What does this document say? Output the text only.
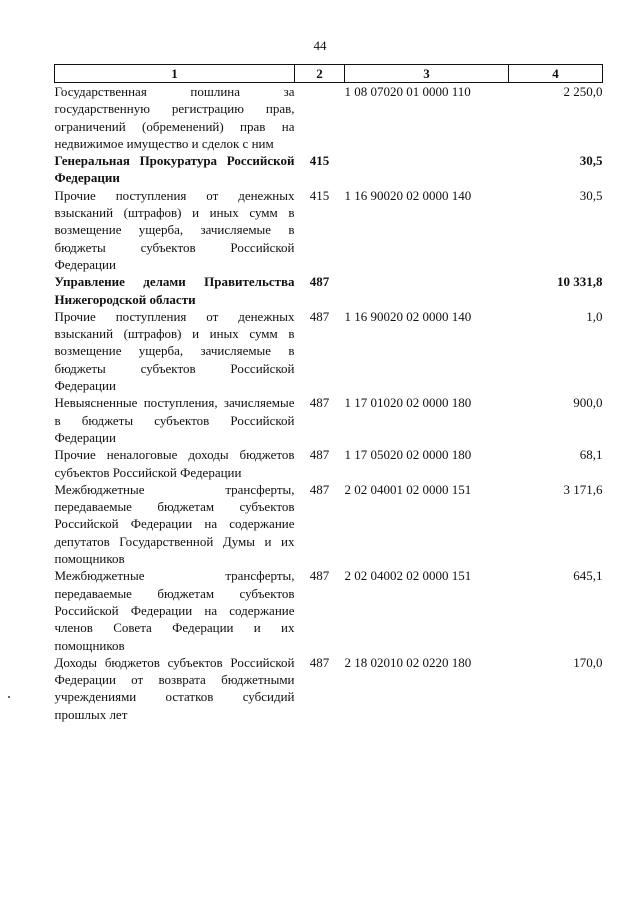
44
1	2	3	4
Государственная пошлина за государственную регистрацию прав, ограничений (обременений) прав на недвижимое имущество и сделок с ним		1 08 07020 01 0000 110	2 250,0
Генеральная Прокуратура Российской Федерации	415		30,5
Прочие поступления от денежных взысканий (штрафов) и иных сумм в возмещение ущерба, зачисляемые в бюджеты субъектов Российской Федерации	415	1 16 90020 02 0000 140	30,5
Управление делами Правительства Нижегородской области	487		10 331,8
Прочие поступления от денежных взысканий (штрафов) и иных сумм в возмещение ущерба, зачисляемые в бюджеты субъектов Российской Федерации	487	1 16 90020 02 0000 140	1,0
Невыясненные поступления, зачисляемые в бюджеты субъектов Российской Федерации	487	1 17 01020 02 0000 180	900,0
Прочие неналоговые доходы бюджетов субъектов Российской Федерации	487	1 17 05020 02 0000 180	68,1
Межбюджетные трансферты, передаваемые бюджетам субъектов Российской Федерации на содержание депутатов Государственной Думы и их помощников	487	2 02 04001 02 0000 151	3 171,6
Межбюджетные трансферты, передаваемые бюджетам субъектов Российской Федерации на содержание членов Совета Федерации и их помощников	487	2 02 04002 02 0000 151	645,1
Доходы бюджетов субъектов Российской Федерации от возврата бюджетными учреждениями остатков субсидий прошлых лет	487	2 18 02010 02 0220 180	170,0
